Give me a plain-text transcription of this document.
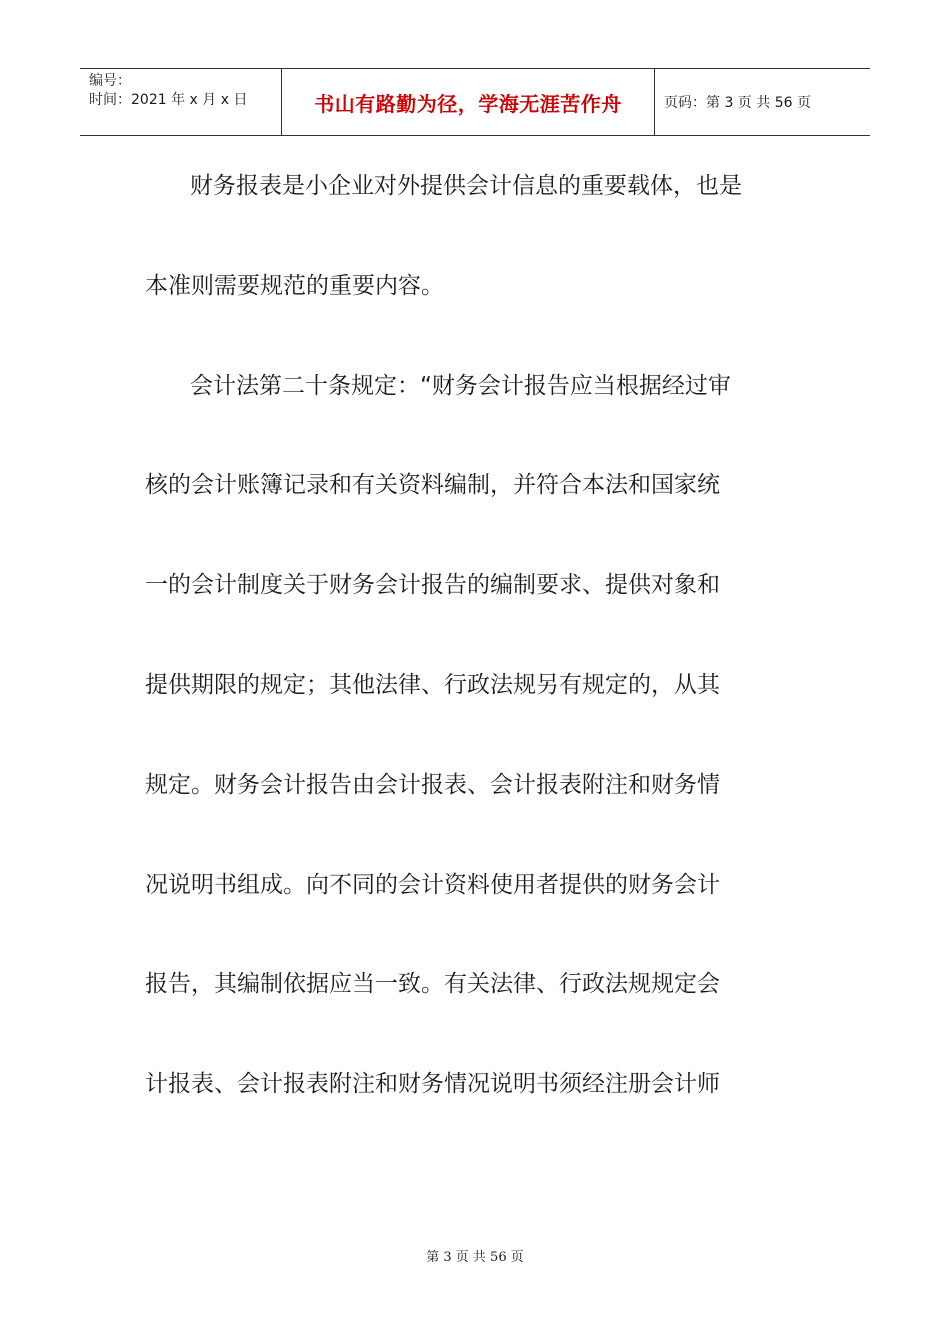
编号：
时间：2021 年 x 月 x 日	书山有路勤为径，学海无涯苦作舟	页码：第 3 页 共 56 页
财务报表是小企业对外提供会计信息的重要载体，也是
本准则需要规范的重要内容。
会计法第二十条规定：“财务会计报告应当根据经过审
核的会计账簿记录和有关资料编制，并符合本法和国家统
一的会计制度关于财务会计报告的编制要求、提供对象和
提供期限的规定；其他法律、行政法规另有规定的，从其
规定。财务会计报告由会计报表、会计报表附注和财务情
况说明书组成。向不同的会计资料使用者提供的财务会计
报告，其编制依据应当一致。有关法律、行政法规规定会
计报表、会计报表附注和财务情况说明书须经注册会计师
第 3 页 共 56 页
